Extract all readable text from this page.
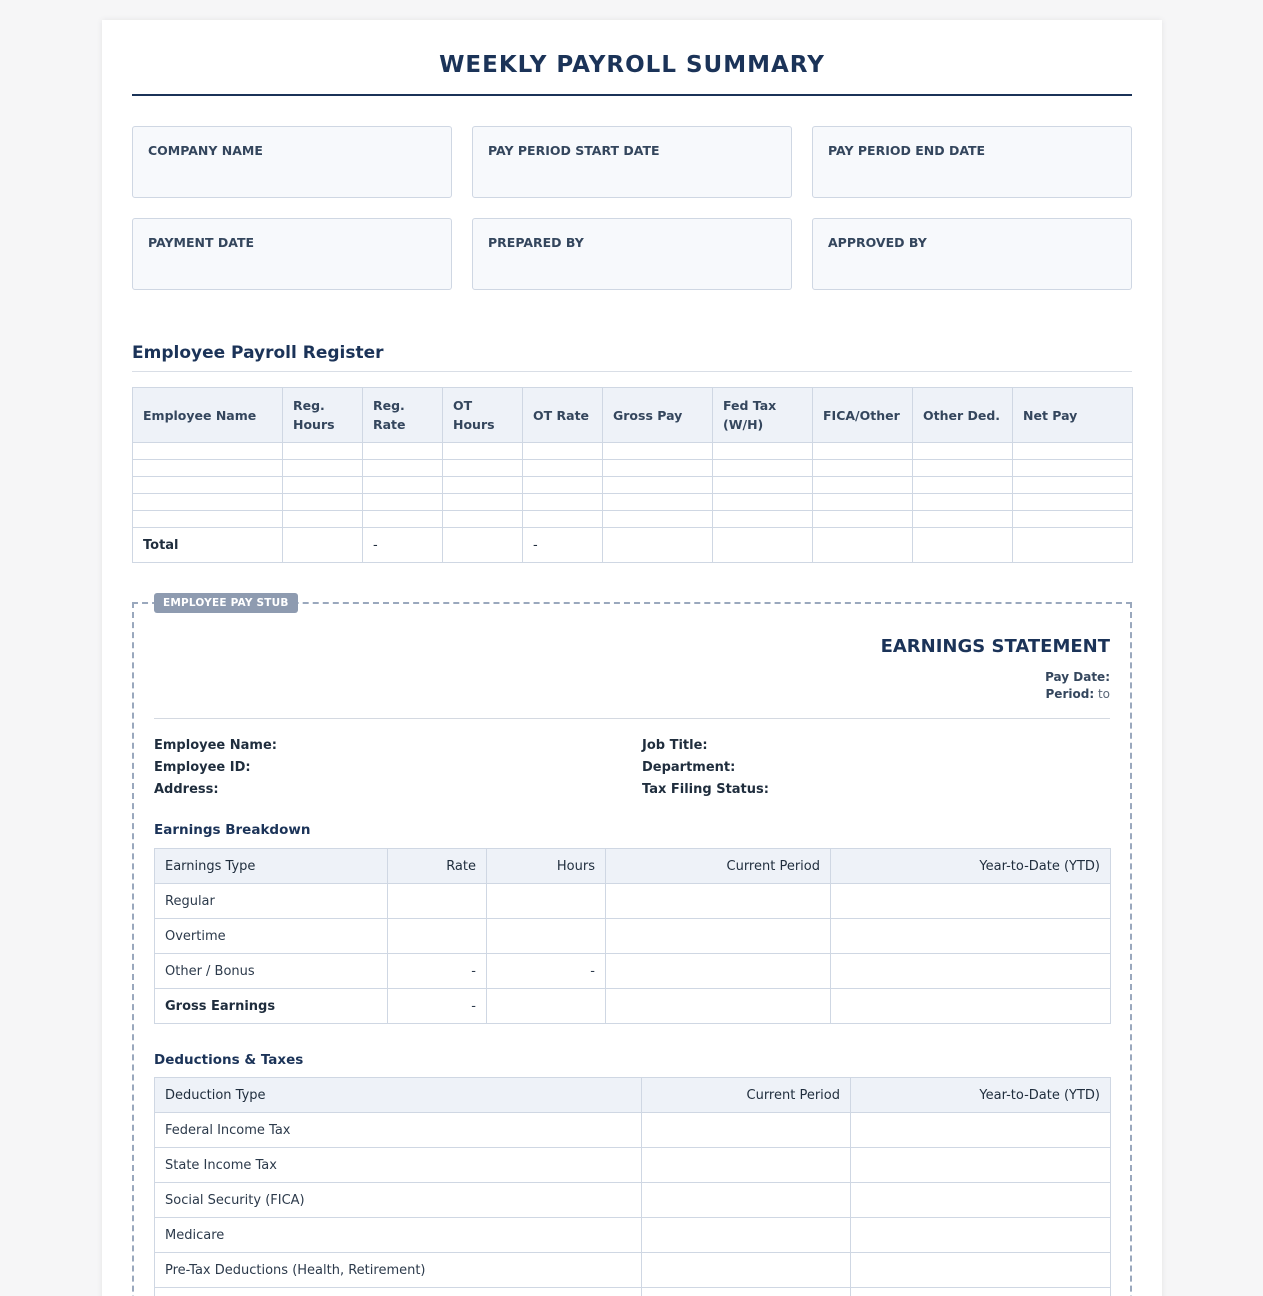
WEEKLY PAYROLL SUMMARY
COMPANY NAME	PAY PERIOD START DATE	PAY PERIOD END DATE
PAYMENT DATE	PREPARED BY	APPROVED BY
Employee Payroll Register
Employee Name	Reg. Hours	Reg. Rate	OT Hours	OT Rate	Gross Pay	Fed Tax (W/H)	FICA/Other	Other Ded.	Net Pay

Total		-		-					
EMPLOYEE PAY STUB
EARNINGS STATEMENT
Pay Date:
Period: to
Employee Name:
Employee ID:
Address:
Job Title:
Department:
Tax Filing Status:
Earnings Breakdown
Earnings Type	Rate	Hours	Current Period	Year-to-Date (YTD)
Regular				
Overtime				
Other / Bonus	-	-		
Gross Earnings	-			
Deductions & Taxes
Deduction Type	Current Period	Year-to-Date (YTD)
Federal Income Tax		
State Income Tax		
Social Security (FICA)		
Medicare		
Pre-Tax Deductions (Health, Retirement)		
